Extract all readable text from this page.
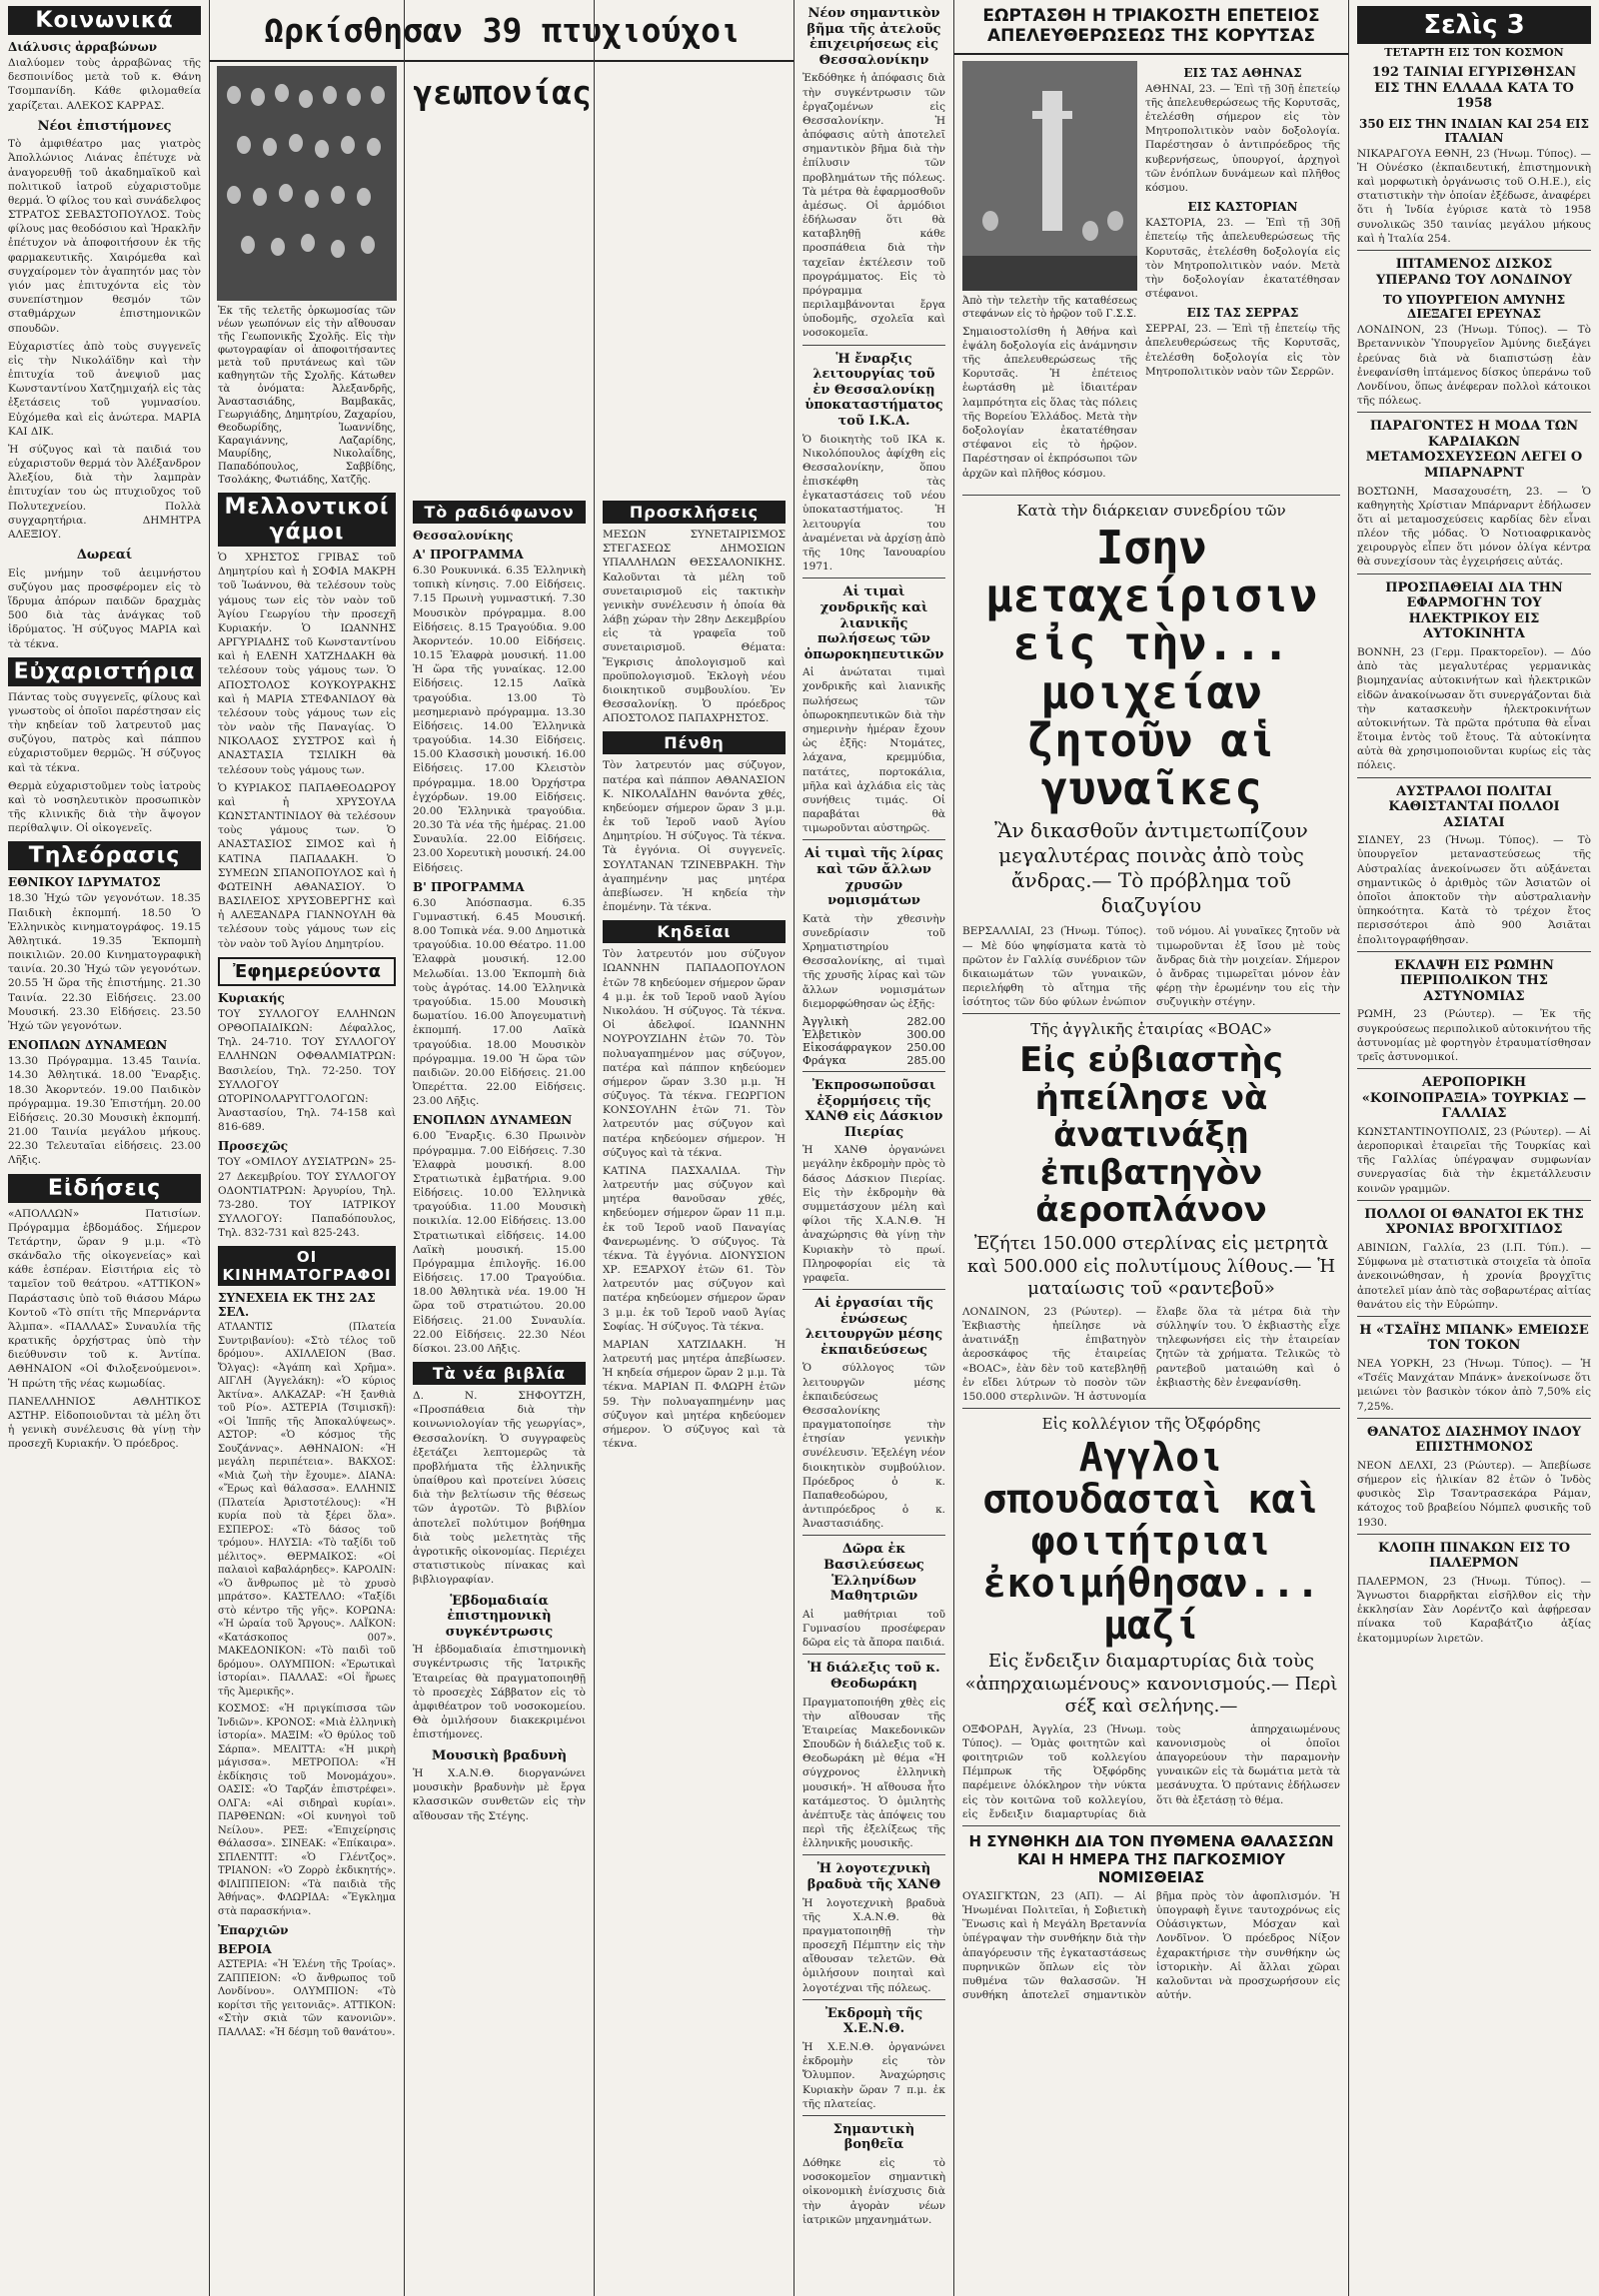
Ωρκίσθησαν 39 πτυχιούχοι γεωπονίας
Κοινωνικά
Διάλυσις ἀρραβώνων
Διαλύομεν τοὺς ἀρραβῶνας τῆς δεσποινίδος μετὰ τοῦ κ. Θάνη Τσομπανίδη. Κάθε φιλομαθεία χαρίζεται. ΑΛΕΚΟΣ ΚΑΡΡΑΣ.
Νέοι ἐπιστήμονες
Τὸ ἀμφιθέατρο μας γιατρὸς Ἀπολλώνιος Λιάνας ἐπέτυχε νὰ ἀναγορευθῇ τοῦ ἀκαδημαϊκοῦ καὶ πολιτικοῦ ἰατροῦ εὐχαριστοῦμε θερμά. Ὁ φίλος του καὶ συνάδελφος ΣΤΡΑΤΟΣ ΣΕΒΑΣΤΟΠΟΥΛΟΣ. Τοὺς φίλους μας θεοδόσιου καὶ Ἡρακλῆν ἐπέτυχον νὰ ἀποφοιτήσουν ἐκ τῆς φαρμακευτικῆς. Χαιρόμεθα καὶ συγχαίρομεν τὸν ἀγαπητόν μας τὸν γιόν μας ἐπιτυχόντα εἰς τὸν συνεπίστημον θεσμόν τῶν σταθμάρχων ἐπιστημονικῶν σπουδῶν.
Εὐχαριστίες ἀπὸ τοὺς συγγενεῖς εἰς τὴν Νικολάϊδην καὶ τὴν ἐπιτυχία τοῦ ἀνεψιοῦ μας Κωνσταντίνου Χατζημιχαήλ εἰς τὰς ἐξετάσεις τοῦ γυμνασίου. Εὐχόμεθα καὶ εἰς ἀνώτερα. ΜΑΡΙΑ ΚΑΙ ΔΙΚ.
Ἡ σύζυγος καὶ τὰ παιδιά του εὐχαριστοῦν θερμά τὸν Ἀλέξανδρον Ἀλεξίου, διὰ τὴν λαμπρὰν ἐπιτυχίαν του ὡς πτυχιοῦχος τοῦ Πολυτεχνείου. Πολλὰ συγχαρητήρια. ΔΗΜΗΤΡΑ ΑΛΕΞΙΟΥ.
Δωρεαί
Εἰς μνήμην τοῦ ἀειμνήστου συζύγου μας προσφέρομεν εἰς τὸ ἵδρυμα ἀπόρων παιδῶν δραχμὰς 500 διὰ τὰς ἀνάγκας τοῦ ἱδρύματος. Ἡ σύζυγος ΜΑΡΙΑ καὶ τὰ τέκνα.
Εὐχαριστήρια
Πάντας τοὺς συγγενεῖς, φίλους καὶ γνωστοὺς οἱ ὁποῖοι παρέστησαν εἰς τὴν κηδείαν τοῦ λατρευτοῦ μας συζύγου, πατρὸς καὶ πάππου εὐχαριστοῦμεν θερμῶς. Ἡ σύζυγος καὶ τὰ τέκνα.
Θερμὰ εὐχαριστοῦμεν τοὺς ἰατροὺς καὶ τὸ νοσηλευτικὸν προσωπικὸν τῆς κλινικῆς διὰ τὴν ἄψογον περίθαλψιν. Οἱ οἰκογενεῖς.
Τηλεόρασις
ΕΘΝΙΚΟΥ ΙΔΡΥΜΑΤΟΣ
18.30 Ἠχώ τῶν γεγονότων. 18.35 Παιδικὴ ἐκπομπή. 18.50 Ὁ Ἑλληνικὸς κινηματογράφος. 19.15 Ἀθλητικά. 19.35 Ἐκπομπὴ ποικιλιῶν. 20.00 Κινηματογραφικὴ ταινία. 20.30 Ἠχώ τῶν γεγονότων. 20.55 Ἡ ὥρα τῆς ἐπιστήμης. 21.30 Ταινία. 22.30 Εἰδήσεις. 23.00 Μουσική. 23.30 Εἰδήσεις. 23.50 Ἠχώ τῶν γεγονότων.
ΕΝΟΠΛΩΝ ΔΥΝΑΜΕΩΝ
13.30 Πρόγραμμα. 13.45 Ταινία. 14.30 Ἀθλητικά. 18.00 Ἔναρξις. 18.30 Ἀκορντεόν. 19.00 Παιδικὸν πρόγραμμα. 19.30 Ἐπιστήμη. 20.00 Εἰδήσεις. 20.30 Μουσικὴ ἐκπομπή. 21.00 Ταινία μεγάλου μήκους. 22.30 Τελευταῖαι εἰδήσεις. 23.00 Λῆξις.
Εἰδήσεις
«ΑΠΟΛΛΩΝ» Πατισίων. Πρόγραμμα ἑβδομάδος. Σήμερον Τετάρτην, ὥραν 9 μ.μ. «Τὸ σκάνδαλο τῆς οἰκογενείας» καὶ κάθε ἑσπέραν. Εἰσιτήρια εἰς τὸ ταμεῖον τοῦ θεάτρου. «ΑΤΤΙΚΟΝ» Παράστασις ὑπὸ τοῦ θιάσου Μάρω Κοντοῦ «Τὸ σπίτι τῆς Μπερνάρντα Άλμπα». «ΠΑΛΛΑΣ» Συναυλία τῆς κρατικῆς ὀρχήστρας ὑπὸ τὴν διεύθυνσιν τοῦ κ. Ἀντίπα. ΑΘΗΝΑΙΟΝ «Οἱ Φιλοξενούμενοι». Ἡ πρώτη τῆς νέας κωμωδίας.
ΠΑΝΕΛΛΗΝΙΟΣ ΑΘΛΗΤΙΚΟΣ ΑΣΤΗΡ. Εἰδοποιοῦνται τὰ μέλη ὅτι ἡ γενικὴ συνέλευσις θὰ γίνῃ τὴν προσεχῆ Κυριακήν. Ὁ πρόεδρος.
Ἐκ τῆς τελετῆς ὁρκωμοσίας τῶν νέων γεωπόνων εἰς τὴν αἴθουσαν τῆς Γεωπονικῆς Σχολῆς. Εἰς τὴν φωτογραφίαν οἱ ἀποφοιτήσαντες μετὰ τοῦ πρυτάνεως καὶ τῶν καθηγητῶν τῆς Σχολῆς. Κάτωθεν τὰ ὀνόματα: Ἀλεξανδρῆς, Ἀναστασιάδης, Βαμβακᾶς, Γεωργιάδης, Δημητρίου, Ζαχαρίου, Θεοδωρίδης, Ἰωαννίδης, Καραγιάννης, Λαζαρίδης, Μαυρίδης, Νικολαΐδης, Παπαδόπουλος, Σαββίδης, Τσολάκης, Φωτιάδης, Χατζῆς.
Μελλοντικοί γάμοι
Ὁ ΧΡΗΣΤΟΣ ΓΡΙΒΑΣ τοῦ Δημητρίου καὶ ἡ ΣΟΦΙΑ ΜΑΚΡΗ τοῦ Ἰωάννου, θὰ τελέσουν τοὺς γάμους των εἰς τὸν ναὸν τοῦ Ἁγίου Γεωργίου τὴν προσεχῆ Κυριακήν. Ὁ ΙΩΑΝΝΗΣ ΑΡΓΥΡΙΑΔΗΣ τοῦ Κωνσταντίνου καὶ ἡ ΕΛΕΝΗ ΧΑΤΖΗΔΑΚΗ θὰ τελέσουν τοὺς γάμους των. Ὁ ΑΠΟΣΤΟΛΟΣ ΚΟΥΚΟΥΡΑΚΗΣ καὶ ἡ ΜΑΡΙΑ ΣΤΕΦΑΝΙΔΟΥ θὰ τελέσουν τοὺς γάμους των εἰς τὸν ναὸν τῆς Παναγίας. Ὁ ΝΙΚΟΛΑΟΣ ΣΥΣΤΡΟΣ καὶ ἡ ΑΝΑΣΤΑΣΙΑ ΤΣΙΛΙΚΗ θὰ τελέσουν τοὺς γάμους των.
Ὁ ΚΥΡΙΑΚΟΣ ΠΑΠΑΘΕΟΔΩΡΟΥ καὶ ἡ ΧΡΥΣΟΥΛΑ ΚΩΝΣΤΑΝΤΙΝΙΔΟΥ θὰ τελέσουν τοὺς γάμους των. Ὁ ΑΝΑΣΤΑΣΙΟΣ ΣΙΜΟΣ καὶ ἡ ΚΑΤΙΝΑ ΠΑΠΑΔΑΚΗ. Ὁ ΣΥΜΕΩΝ ΣΠΑΝΟΠΟΥΛΟΣ καὶ ἡ ΦΩΤΕΙΝΗ ΑΘΑΝΑΣΙΟΥ. Ὁ ΒΑΣΙΛΕΙΟΣ ΧΡΥΣΟΒΕΡΓΗΣ καὶ ἡ ΑΛΕΞΑΝΔΡΑ ΓΙΑΝΝΟΥΛΗ θὰ τελέσουν τοὺς γάμους των εἰς τὸν ναὸν τοῦ Ἁγίου Δημητρίου.
Ἐφημερεύοντα
Κυριακής
ΤΟΥ ΣΥΛΛΟΓΟΥ ΕΛΛΗΝΩΝ ΟΡΘΟΠΑΙΔΙΚΩΝ: Δέφαλλος, Τηλ. 24-710. ΤΟΥ ΣΥΛΛΟΓΟΥ ΕΛΛΗΝΩΝ ΟΦΘΑΛΜΙΑΤΡΩΝ: Βασιλείου, Τηλ. 72-250. ΤΟΥ ΣΥΛΛΟΓΟΥ ΩΤΟΡΙΝΟΛΑΡΥΓΓΟΛΟΓΩΝ: Ἀναστασίου, Τηλ. 74-158 καὶ 816-689.
Προσεχῶς
ΤΟΥ «ΟΜΙΛΟΥ ΔΥΣΙΑΤΡΩΝ» 25-27 Δεκεμβρίου. ΤΟΥ ΣΥΛΛΟΓΟΥ ΟΔΟΝΤΙΑΤΡΩΝ: Ἀργυρίου, Τηλ. 73-280. ΤΟΥ ΙΑΤΡΙΚΟΥ ΣΥΛΛΟΓΟΥ: Παπαδόπουλος, Τηλ. 832-731 καὶ 825-243.
ΟΙ ΚΙΝΗΜΑΤΟΓΡΑΦΟΙ
ΣΥΝΕΧΕΙΑ ΕΚ ΤΗΣ 2ΑΣ ΣΕΛ.
ΑΤΛΑΝΤΙΣ (Πλατεία Συντριβανίου): «Στὸ τέλος τοῦ δρόμου». ΑΧΙΛΛΕΙΟΝ (Βασ. Ὄλγας): «Ἀγάπη καὶ Χρῆμα». ΑΙΓΛΗ (Ἀγγελάκη): «Ὁ κύριος Ἀκτίνα». ΑΛΚΑΖΑΡ: «Ἡ ξανθιὰ τοῦ Ρίο». ΑΣΤΕΡΙΑ (Τσιμισκῆ): «Οἱ Ἱππῆς τῆς Ἀποκαλύψεως». ΑΣΤΟΡ: «Ὁ κόσμος τῆς Σουζάννας». ΑΘΗΝΑΙΟΝ: «Ἡ μεγάλη περιπέτεια». ΒΑΚΧΟΣ: «Μιὰ ζωὴ τὴν ἔχουμε». ΔΙΑΝΑ: «Ἔρως καὶ θάλασσα». ΕΛΛΗΝΙΣ (Πλατεία Ἀριστοτέλους): «Ἡ κυρία ποὺ τὰ ξέρει ὅλα». ΕΣΠΕΡΟΣ: «Τὸ δάσος τοῦ τρόμου». ΗΛΥΣΙΑ: «Τὸ ταξίδι τοῦ μέλιτος». ΘΕΡΜΑΙΚΟΣ: «Οἱ παλαιοὶ καβαλάρηδες». ΚΑΡΟΛΙΝ: «Ὁ ἄνθρωπος μὲ τὸ χρυσὸ μπράτσο». ΚΑΣΤΕΛΛΟ: «Ταξίδι στὸ κέντρο τῆς γῆς». ΚΟΡΩΝΑ: «Ἡ ὡραία τοῦ Ἄργους». ΛΑΪΚΟΝ: «Κατάσκοπος 007». ΜΑΚΕΔΟΝΙΚΟΝ: «Τὸ παιδὶ τοῦ δρόμου». ΟΛΥΜΠΙΟΝ: «Ἐρωτικαὶ ἱστορίαι». ΠΑΛΛΑΣ: «Οἱ ἥρωες τῆς Ἀμερικῆς».
ΚΟΣΜΟΣ: «Ἡ πριγκίπισσα τῶν Ἰνδιῶν». ΚΡΟΝΟΣ: «Μιὰ ἑλληνικὴ ἱστορία». ΜΑΞΙΜ: «Ὁ θρύλος τοῦ Σάρπα». ΜΕΛΙΤΤΑ: «Ἡ μικρὴ μάγισσα». ΜΕΤΡΟΠΟΛ: «Ἡ ἐκδίκησις τοῦ Μονομάχου». ΟΑΣΙΣ: «Ὁ Ταρζάν ἐπιστρέφει». ΟΛΓΑ: «Αἱ σιδηραὶ κυρίαι». ΠΑΡΘΕΝΩΝ: «Οἱ κυνηγοὶ τοῦ Νείλου». ΡΕΞ: «Ἐπιχείρησις Θάλασσα». ΣΙΝΕΑΚ: «Ἐπίκαιρα». ΣΠΛΕΝΤΙΤ: «Ὁ Γλέντζος». ΤΡΙΑΝΟΝ: «Ὁ Ζορρὸ ἐκδικητής». ΦΙΛΙΠΠΕΙΟΝ: «Τὰ παιδιὰ τῆς Ἀθήνας». ΦΛΩΡΙΔΑ: «Ἔγκλημα στὰ παρασκήνια».
Ἐπαρχιῶν
ΒΕΡΟΙΑ
ΑΣΤΕΡΙΑ: «Ἡ Ἑλένη τῆς Τροίας». ΖΑΠΠΕΙΟΝ: «Ὁ ἄνθρωπος τοῦ Λονδίνου». ΟΛΥΜΠΙΟΝ: «Τὸ κορίτσι τῆς γειτονιᾶς». ΑΤΤΙΚΟΝ: «Στὴν σκιὰ τῶν κανονιῶν». ΠΑΛΛΑΣ: «Ἡ δέσμη τοῦ θανάτου».
Τὸ ραδιόφωνον
Θεσσαλονίκης
Α' ΠΡΟΓΡΑΜΜΑ
6.30 Ρουκυνικά. 6.35 Ἑλληνικὴ τοπικὴ κίνησις. 7.00 Εἰδήσεις. 7.15 Πρωινὴ γυμναστική. 7.30 Μουσικὸν πρόγραμμα. 8.00 Εἰδήσεις. 8.15 Τραγούδια. 9.00 Ἀκορντεόν. 10.00 Εἰδήσεις. 10.15 Ἐλαφρὰ μουσική. 11.00 Ἡ ὥρα τῆς γυναίκας. 12.00 Εἰδήσεις. 12.15 Λαϊκὰ τραγούδια. 13.00 Τὸ μεσημεριανὸ πρόγραμμα. 13.30 Εἰδήσεις. 14.00 Ἐλληνικὰ τραγούδια. 14.30 Εἰδήσεις. 15.00 Κλασσικὴ μουσική. 16.00 Εἰδήσεις. 17.00 Κλειστὸν πρόγραμμα. 18.00 Ὀρχήστρα ἐγχόρδων. 19.00 Εἰδήσεις. 20.00 Ἑλληνικὰ τραγούδια. 20.30 Τὰ νέα τῆς ἡμέρας. 21.00 Συναυλία. 22.00 Εἰδήσεις. 23.00 Χορευτικὴ μουσική. 24.00 Εἰδήσεις.
Β' ΠΡΟΓΡΑΜΜΑ
6.30 Ἀπόσπασμα. 6.35 Γυμναστική. 6.45 Μουσική. 8.00 Τοπικὰ νέα. 9.00 Δημοτικὰ τραγούδια. 10.00 Θέατρο. 11.00 Ἐλαφρὰ μουσική. 12.00 Μελωδίαι. 13.00 Ἐκπομπὴ διὰ τοὺς ἀγρότας. 14.00 Ἑλληνικὰ τραγούδια. 15.00 Μουσικὴ δωματίου. 16.00 Ἀπογευματινὴ ἐκπομπή. 17.00 Λαϊκὰ τραγούδια. 18.00 Μουσικὸν πρόγραμμα. 19.00 Ἡ ὥρα τῶν παιδιῶν. 20.00 Εἰδήσεις. 21.00 Ὀπερέττα. 22.00 Εἰδήσεις. 23.00 Λῆξις.
ΕΝΟΠΛΩΝ ΔΥΝΑΜΕΩΝ
6.00 Ἔναρξις. 6.30 Πρωινὸν πρόγραμμα. 7.00 Εἰδήσεις. 7.30 Ἐλαφρὰ μουσική. 8.00 Στρατιωτικὰ ἐμβατήρια. 9.00 Εἰδήσεις. 10.00 Ἑλληνικὰ τραγούδια. 11.00 Μουσικὴ ποικιλία. 12.00 Εἰδήσεις. 13.00 Στρατιωτικαὶ εἰδήσεις. 14.00 Λαϊκὴ μουσική. 15.00 Πρόγραμμα ἐπιλογῆς. 16.00 Εἰδήσεις. 17.00 Τραγούδια. 18.00 Ἀθλητικὰ νέα. 19.00 Ἡ ὥρα τοῦ στρατιώτου. 20.00 Εἰδήσεις. 21.00 Συναυλία. 22.00 Εἰδήσεις. 22.30 Νέοι δίσκοι. 23.00 Λῆξις.
Τὰ νέα βιβλία
Δ. Ν. ΣΗΦΟΥΤΖΗ, «Προσπάθεια διὰ τὴν κοινωνιολογίαν τῆς γεωργίας», Θεσσαλονίκη. Ὁ συγγραφεὺς ἐξετάζει λεπτομερῶς τὰ προβλήματα τῆς ἑλληνικῆς ὑπαίθρου καὶ προτείνει λύσεις διὰ τὴν βελτίωσιν τῆς θέσεως τῶν ἀγροτῶν. Τὸ βιβλίον ἀποτελεῖ πολύτιμον βοήθημα διὰ τοὺς μελετητὰς τῆς ἀγροτικῆς οἰκονομίας. Περιέχει στατιστικοὺς πίνακας καὶ βιβλιογραφίαν.
Ἑβδομαδιαία ἐπιστημονικὴ συγκέντρωσις
Ἡ ἑβδομαδιαία ἐπιστημονικὴ συγκέντρωσις τῆς Ἰατρικῆς Ἑταιρείας θὰ πραγματοποιηθῇ τὸ προσεχὲς Σάββατον εἰς τὸ ἀμφιθέατρον τοῦ νοσοκομείου. Θὰ ὁμιλήσουν διακεκριμένοι ἐπιστήμονες.
Μουσικὴ βραδυνὴ
Ἡ Χ.Α.Ν.Θ. διοργανώνει μουσικὴν βραδυνὴν μὲ ἔργα κλασσικῶν συνθετῶν εἰς τὴν αἴθουσαν τῆς Στέγης.
Προσκλήσεις
ΜΕΣΩΝ ΣΥΝΕΤΑΙΡΙΣΜΟΣ ΣΤΕΓΑΣΕΩΣ ΔΗΜΟΣΙΩΝ ΥΠΑΛΛΗΛΩΝ ΘΕΣΣΑΛΟΝΙΚΗΣ. Καλοῦνται τὰ μέλη τοῦ συνεταιρισμοῦ εἰς τακτικὴν γενικὴν συνέλευσιν ἡ ὁποία θὰ λάβῃ χώραν τὴν 28ην Δεκεμβρίου εἰς τὰ γραφεῖα τοῦ συνεταιρισμοῦ. Θέματα: Ἔγκρισις ἀπολογισμοῦ καὶ προϋπολογισμοῦ. Ἐκλογὴ νέου διοικητικοῦ συμβουλίου. Ἐν Θεσσαλονίκῃ. Ὁ πρόεδρος ΑΠΟΣΤΟΛΟΣ ΠΑΠΑΧΡΗΣΤΟΣ.
Πένθη
Τὸν λατρευτόν μας σύζυγον, πατέρα καὶ πάππον ΑΘΑΝΑΣΙΟΝ Κ. ΝΙΚΟΛΑΪΔΗΝ θανόντα χθές, κηδεύομεν σήμερον ὥραν 3 μ.μ. ἐκ τοῦ Ἱεροῦ ναοῦ Ἁγίου Δημητρίου. Ἡ σύζυγος. Τὰ τέκνα. Τὰ ἐγγόνια. Οἱ συγγενεῖς. ΣΟΥΛΤΑΝΑΝ ΤΖΙΝΕΒΡΑΚΗ. Τὴν ἀγαπημένην μας μητέρα ἀπεβίωσεν. Ἡ κηδεία τὴν ἐπομένην. Τὰ τέκνα.
Κηδεῖαι
Τὸν λατρευτόν μου σύζυγον ΙΩΑΝΝΗΝ ΠΑΠΑΔΟΠΟΥΛΟΝ ἐτῶν 78 κηδεύομεν σήμερον ὥραν 4 μ.μ. ἐκ τοῦ Ἱεροῦ ναοῦ Ἁγίου Νικολάου. Ἡ σύζυγος. Τὰ τέκνα. Οἱ ἀδελφοί. ΙΩΑΝΝΗΝ ΝΟΥΡΟΥΖΙΔΗΝ ἐτῶν 70. Τὸν πολυαγαπημένον μας σύζυγον, πατέρα καὶ πάππον κηδεύομεν σήμερον ὥραν 3.30 μ.μ. Ἡ σύζυγος. Τὰ τέκνα. ΓΕΩΡΓΙΟΝ ΚΟΝΣΟΥΛΗΝ ἐτῶν 71. Τὸν λατρευτόν μας σύζυγον καὶ πατέρα κηδεύομεν σήμερον. Ἡ σύζυγος καὶ τὰ τέκνα.
ΚΑΤΙΝΑ ΠΑΣΧΑΛΙΔΑ. Τὴν λατρευτήν μας σύζυγον καὶ μητέρα θανοῦσαν χθές, κηδεύομεν σήμερον ὥραν 11 π.μ. ἐκ τοῦ Ἱεροῦ ναοῦ Παναγίας Φανερωμένης. Ὁ σύζυγος. Τὰ τέκνα. Τὰ ἐγγόνια. ΔΙΟΝΥΣΙΟΝ ΧΡ. ΕΞΑΡΧΟΥ ἐτῶν 61. Τὸν λατρευτόν μας σύζυγον καὶ πατέρα κηδεύομεν σήμερον ὥραν 3 μ.μ. ἐκ τοῦ Ἱεροῦ ναοῦ Ἁγίας Σοφίας. Ἡ σύζυγος. Τὰ τέκνα.
ΜΑΡΙΑΝ ΧΑΤΖΙΔΑΚΗ. Ἡ λατρευτή μας μητέρα ἀπεβίωσεν. Ἡ κηδεία σήμερον ὥραν 2 μ.μ. Τὰ τέκνα. ΜΑΡΙΑΝ Π. ΦΛΩΡΗ ἐτῶν 59. Τὴν πολυαγαπημένην μας σύζυγον καὶ μητέρα κηδεύομεν σήμερον. Ὁ σύζυγος καὶ τὰ τέκνα.
Νέον σημαντικὸν βῆμα τῆς ἀτελοῦς ἐπιχειρήσεως εἰς Θεσσαλονίκην
Ἐκδόθηκε ἡ ἀπόφασις διὰ τὴν συγκέντρωσιν τῶν ἐργαζομένων εἰς Θεσσαλονίκην. Ἡ ἀπόφασις αὐτὴ ἀποτελεῖ σημαντικὸν βῆμα διὰ τὴν ἐπίλυσιν τῶν προβλημάτων τῆς πόλεως. Τὰ μέτρα θὰ ἐφαρμοσθοῦν ἀμέσως. Οἱ ἁρμόδιοι ἐδήλωσαν ὅτι θὰ καταβληθῇ κάθε προσπάθεια διὰ τὴν ταχεῖαν ἐκτέλεσιν τοῦ προγράμματος. Εἰς τὸ πρόγραμμα περιλαμβάνονται ἔργα ὑποδομῆς, σχολεῖα καὶ νοσοκομεῖα.
Ἡ ἔναρξις λειτουργίας τοῦ ἐν Θεσσαλονίκῃ ὑποκαταστήματος τοῦ Ι.Κ.Α.
Ὁ διοικητὴς τοῦ ΙΚΑ κ. Νικολόπουλος ἀφίχθη εἰς Θεσσαλονίκην, ὅπου ἐπισκέφθη τὰς ἐγκαταστάσεις τοῦ νέου ὑποκαταστήματος. Ἡ λειτουργία του ἀναμένεται νὰ ἀρχίσῃ ἀπὸ τῆς 10ης Ἰανουαρίου 1971.
Αἱ τιμαὶ χονδρικῆς καὶ λιανικῆς πωλήσεως τῶν ὀπωροκηπευτικῶν
Αἱ ἀνώταται τιμαὶ χονδρικῆς καὶ λιανικῆς πωλήσεως τῶν ὀπωροκηπευτικῶν διὰ τὴν σημερινὴν ἡμέραν ἔχουν ὡς ἑξῆς: Ντομάτες, λάχανα, κρεμμύδια, πατάτες, πορτοκάλια, μῆλα καὶ ἀχλάδια εἰς τὰς συνήθεις τιμάς. Οἱ παραβάται θὰ τιμωροῦνται αὐστηρῶς.
Αἱ τιμαὶ τῆς λίρας καὶ τῶν ἄλλων χρυσῶν νομισμάτων
Κατὰ τὴν χθεσινὴν συνεδρίασιν τοῦ Χρηματιστηρίου Θεσσαλονίκης, αἱ τιμαὶ τῆς χρυσῆς λίρας καὶ τῶν ἄλλων νομισμάτων διεμορφώθησαν ὡς ἑξῆς:
Ἀγγλικὴ	282.00
Ἑλβετικὸν	300.00
Εἰκοσάφραγκον 250.00
Φράγκα	285.00
Ἐκπροσωποῦσαι ἐξορμήσεις τῆς ΧΑΝΘ εἰς Δάσκιον Πιερίας
Ἡ ΧΑΝΘ ὀργανώνει μεγάλην ἐκδρομὴν πρὸς τὸ δάσος Δάσκιον Πιερίας. Εἰς τὴν ἐκδρομὴν θὰ συμμετάσχουν μέλη καὶ φίλοι τῆς Χ.Α.Ν.Θ. Ἡ ἀναχώρησις θὰ γίνῃ τὴν Κυριακὴν τὸ πρωί. Πληροφορίαι εἰς τὰ γραφεῖα.
Αἱ ἐργασίαι τῆς ἑνώσεως λειτουργῶν μέσης ἐκπαιδεύσεως
Ὁ σύλλογος τῶν λειτουργῶν μέσης ἐκπαιδεύσεως Θεσσαλονίκης πραγματοποίησε τὴν ἐτησίαν γενικὴν συνέλευσιν. Ἐξελέγη νέον διοικητικὸν συμβούλιον. Πρόεδρος ὁ κ. Παπαθεοδώρου, ἀντιπρόεδρος ὁ κ. Ἀναστασιάδης.
Δῶρα ἐκ Βασιλεύσεως Ἑλληνίδων Μαθητριῶν
Αἱ μαθήτριαι τοῦ Γυμνασίου προσέφεραν δῶρα εἰς τὰ ἄπορα παιδιά.
Ἡ διάλεξις τοῦ κ. Θεοδωράκη
Πραγματοποιήθη χθὲς εἰς τὴν αἴθουσαν τῆς Ἑταιρείας Μακεδονικῶν Σπουδῶν ἡ διάλεξις τοῦ κ. Θεοδωράκη μὲ θέμα «Ἡ σύγχρονος ἑλληνικὴ μουσική». Ἡ αἴθουσα ἦτο κατάμεστος. Ὁ ὁμιλητὴς ἀνέπτυξε τὰς ἀπόψεις του περὶ τῆς ἐξελίξεως τῆς ἑλληνικῆς μουσικῆς.
Ἡ λογοτεχνικὴ βραδυὰ τῆς ΧΑΝΘ
Ἡ λογοτεχνικὴ βραδυὰ τῆς Χ.Α.Ν.Θ. θὰ πραγματοποιηθῇ τὴν προσεχῆ Πέμπτην εἰς τὴν αἴθουσαν τελετῶν. Θὰ ὁμιλήσουν ποιηταὶ καὶ λογοτέχναι τῆς πόλεως.
Ἐκδρομὴ τῆς Χ.Ε.Ν.Θ.
Ἡ Χ.Ε.Ν.Θ. ὀργανώνει ἐκδρομὴν εἰς τὸν Ὄλυμπον. Ἀναχώρησις Κυριακὴν ὥραν 7 π.μ. ἐκ τῆς πλατείας.
Σημαντικὴ βοηθεῖα
Δόθηκε εἰς τὸ νοσοκομεῖον σημαντικὴ οἰκονομικὴ ἐνίσχυσις διὰ τὴν ἀγορὰν νέων ἰατρικῶν μηχανημάτων.
ΕΩΡΤΑΣΘΗ Η ΤΡΙΑΚΟΣΤΗ ΕΠΕΤΕΙΟΣ ΑΠΕΛΕΥΘΕΡΩΣΕΩΣ ΤΗΣ ΚΟΡΥΤΣΑΣ
Ἀπὸ τὴν τελετὴν τῆς καταθέσεως στεφάνων εἰς τὸ ἡρῷον τοῦ Γ.Σ.Σ.
Σημαιοστολίσθη ἡ Ἀθήνα καὶ ἐψάλη δοξολογία εἰς ἀνάμνησιν τῆς ἀπελευθερώσεως τῆς Κορυτσᾶς. Ἡ ἐπέτειος ἑωρτάσθη μὲ ἰδιαιτέραν λαμπρότητα εἰς ὅλας τὰς πόλεις τῆς Βορείου Ἑλλάδος. Μετὰ τὴν δοξολογίαν ἐκατατέθησαν στέφανοι εἰς τὸ ἡρῷον. Παρέστησαν οἱ ἐκπρόσωποι τῶν ἀρχῶν καὶ πλῆθος κόσμου.
ΕΙΣ ΤΑΣ ΑΘΗΝΑΣ
ΑΘΗΝΑΙ, 23. — Ἐπὶ τῇ 30ῇ ἐπετείῳ τῆς ἀπελευθερώσεως τῆς Κορυτσᾶς, ἐτελέσθη σήμερον εἰς τὸν Μητροπολιτικὸν ναὸν δοξολογία. Παρέστησαν ὁ ἀντιπρόεδρος τῆς κυβερνήσεως, ὑπουργοί, ἀρχηγοὶ τῶν ἐνόπλων δυνάμεων καὶ πλῆθος κόσμου.
ΕΙΣ ΚΑΣΤΟΡΙΑΝ
ΚΑΣΤΟΡΙΑ, 23. — Ἐπὶ τῇ 30ῇ ἐπετείῳ τῆς ἀπελευθερώσεως τῆς Κορυτσᾶς, ἐτελέσθη δοξολογία εἰς τὸν Μητροπολιτικὸν ναόν. Μετὰ τὴν δοξολογίαν ἐκατατέθησαν στέφανοι.
ΕΙΣ ΤΑΣ ΣΕΡΡΑΣ
ΣΕΡΡΑΙ, 23. — Ἐπὶ τῇ ἐπετείῳ τῆς ἀπελευθερώσεως τῆς Κορυτσᾶς, ἐτελέσθη δοξολογία εἰς τὸν Μητροπολιτικὸν ναὸν τῶν Σερρῶν.
Κατὰ τὴν διάρκειαν συνεδρίου τῶν
Ισην μεταχείρισιν εἰς τὴν... μοιχείαν ζητοῦν αἱ γυναῖκες
Ἂν δικασθοῦν ἀντιμετωπίζουν μεγαλυτέρας ποινὰς ἀπὸ τοὺς ἄνδρας.— Τὸ πρόβλημα τοῦ διαζυγίου
ΒΕΡΣΑΛΛΙΑΙ, 23 (Ἠνωμ. Τύπος). — Μὲ δύο ψηφίσματα κατὰ τὸ πρῶτον ἐν Γαλλίᾳ συνέδριον τῶν δικαιωμάτων τῶν γυναικῶν, περιελήφθη τὸ αἴτημα τῆς ἰσότητος τῶν δύο φύλων ἐνώπιον τοῦ νόμου. Αἱ γυναῖκες ζητοῦν νὰ τιμωροῦνται ἐξ ἴσου μὲ τοὺς ἄνδρας διὰ τὴν μοιχείαν. Σήμερον ὁ ἄνδρας τιμωρεῖται μόνον ἐὰν φέρῃ τὴν ἐρωμένην του εἰς τὴν συζυγικὴν στέγην.
Τῆς ἀγγλικῆς ἑταιρίας «ΒΟΑC»
Εἰς εὐβιαστὴς ἠπείλησε νὰ ἀνατινάξῃ ἐπιβατηγὸν ἀεροπλάνον
Ἐζήτει 150.000 στερλίνας εἰς μετρητὰ καὶ 500.000 εἰς πολυτίμους λίθους.— Ἡ ματαίωσις τοῦ «ραντεβοῦ»
ΛΟΝΔΙΝΟΝ, 23 (Ρώυτερ). — Ἐκβιαστὴς ἠπείλησε νὰ ἀνατινάξῃ ἐπιβατηγὸν ἀεροσκάφος τῆς ἑταιρείας «ΒΟΑC», ἐὰν δὲν τοῦ κατεβληθῇ ἐν εἴδει λύτρων τὸ ποσὸν τῶν 150.000 στερλινῶν. Ἡ ἀστυνομία ἔλαβε ὅλα τὰ μέτρα διὰ τὴν σύλληψίν του. Ὁ ἐκβιαστὴς εἶχε τηλεφωνήσει εἰς τὴν ἑταιρείαν ζητῶν τὰ χρήματα. Τελικῶς τὸ ραντεβοῦ ματαιώθη καὶ ὁ ἐκβιαστὴς δὲν ἐνεφανίσθη.
Εἰς κολλέγιον τῆς Ὀξφόρδης
Αγγλοι σπουδασταὶ καὶ φοιτήτριαι ἐκοιμήθησαν... μαζί
Εἰς ἔνδειξιν διαμαρτυρίας διὰ τοὺς «ἀπηρχαιωμένους» κανονισμούς.— Περὶ σέξ καὶ σελήνης.—
ΟΞΦΟΡΔΗ, Ἀγγλία, 23 (Ἠνωμ. Τύπος). — Ὁμὰς φοιτητῶν καὶ φοιτητριῶν τοῦ κολλεγίου Πέμπρωκ τῆς Ὀξφόρδης παρέμεινε ὁλόκληρον τὴν νύκτα εἰς τὸν κοιτῶνα τοῦ κολλεγίου, εἰς ἔνδειξιν διαμαρτυρίας διὰ τοὺς ἀπηρχαιωμένους κανονισμοὺς οἱ ὁποῖοι ἀπαγορεύουν τὴν παραμονὴν γυναικῶν εἰς τὰ δωμάτια μετὰ τὰ μεσάνυχτα. Ὁ πρύτανις ἐδήλωσεν ὅτι θὰ ἐξετάσῃ τὸ θέμα.
Η ΣΥΝΘΗΚΗ ΔΙΑ ΤΟΝ ΠΥΘΜΕΝΑ ΘΑΛΑΣΣΩΝ ΚΑΙ Η ΗΜΕΡΑ ΤΗΣ ΠΑΓΚΟΣΜΙΟΥ ΝΟΜΙΣΘΕΙΑΣ
ΟΥΑΣΙΓΚΤΩΝ, 23 (ΑΠ). — Αἱ Ἡνωμέναι Πολιτεῖαι, ἡ Σοβιετικὴ Ἕνωσις καὶ ἡ Μεγάλη Βρεταννία ὑπέγραψαν τὴν συνθήκην διὰ τὴν ἀπαγόρευσιν τῆς ἐγκαταστάσεως πυρηνικῶν ὅπλων εἰς τὸν πυθμένα τῶν θαλασσῶν. Ἡ συνθήκη ἀποτελεῖ σημαντικὸν βῆμα πρὸς τὸν ἀφοπλισμόν. Ἡ ὑπογραφὴ ἔγινε ταυτοχρόνως εἰς Οὐάσιγκτων, Μόσχαν καὶ Λονδῖνον. Ὁ πρόεδρος Νίξον ἐχαρακτήρισε τὴν συνθήκην ὡς ἱστορικὴν. Αἱ ἄλλαι χῶραι καλοῦνται νὰ προσχωρήσουν εἰς αὐτήν.
Σελὶς 3
ΤΕΤΑΡΤΗ ΕΙΣ ΤΟΝ ΚΟΣΜΟΝ
192 ΤΑΙΝΙΑΙ ΕΓΥΡΙΣΘΗΣΑΝ ΕΙΣ ΤΗΝ ΕΛΛΑΔΑ ΚΑΤΑ ΤΟ 1958
350 ΕΙΣ ΤΗΝ ΙΝΔΙΑΝ ΚΑΙ 254 ΕΙΣ ΙΤΑΛΙΑΝ
ΝΙΚΑΡΑΓΟΥΑ ΕΘΝΗ, 23 (Ἠνωμ. Τύπος). — Ἡ Οὐνέσκο (ἐκπαιδευτική, ἐπιστημονικὴ καὶ μορφωτικὴ ὀργάνωσις τοῦ Ο.Η.Ε.), εἰς στατιστικὴν τὴν ὁποίαν ἐξέδωσε, ἀναφέρει ὅτι ἡ Ἰνδία ἐγύρισε κατὰ τὸ 1958 συνολικῶς 350 ταινίας μεγάλου μήκους καὶ ἡ Ἰταλία 254.
ΙΠΤΑΜΕΝΟΣ ΔΙΣΚΟΣ ΥΠΕΡΑΝΩ ΤΟΥ ΛΟΝΔΙΝΟΥ
ΤΟ ΥΠΟΥΡΓΕΙΟΝ ΑΜΥΝΗΣ ΔΙΕΞΑΓΕΙ ΕΡΕΥΝΑΣ
ΛΟΝΔΙΝΟΝ, 23 (Ἠνωμ. Τύπος). — Τὸ Βρεταννικὸν Ὑπουργεῖον Ἀμύνης διεξάγει ἐρεύνας διὰ νὰ διαπιστώσῃ ἐὰν ἐνεφανίσθη ἰπτάμενος δίσκος ὑπεράνω τοῦ Λονδίνου, ὅπως ἀνέφεραν πολλοὶ κάτοικοι τῆς πόλεως.
ΠΑΡΑΓΟΝΤΕΣ Η ΜΟΔΑ ΤΩΝ ΚΑΡΔΙΑΚΩΝ ΜΕΤΑΜΟΣΧΕΥΣΕΩΝ ΛΕΓΕΙ Ο ΜΠΑΡΝΑΡΝΤ
ΒΟΣΤΩΝΗ, Μασαχουσέτη, 23. — Ὁ καθηγητὴς Χρίστιαν Μπάρναρντ ἐδήλωσεν ὅτι αἱ μεταμοσχεύσεις καρδίας δὲν εἶναι πλέον τῆς μόδας. Ὁ Νοτιοαφρικανὸς χειρουργὸς εἶπεν ὅτι μόνον ὀλίγα κέντρα θὰ συνεχίσουν τὰς ἐγχειρήσεις αὐτάς.
ΠΡΟΣΠΑΘΕΙΑΙ ΔΙΑ ΤΗΝ ΕΦΑΡΜΟΓΗΝ ΤΟΥ ΗΛΕΚΤΡΙΚΟΥ ΕΙΣ ΑΥΤΟΚΙΝΗΤΑ
ΒΟΝΝΗ, 23 (Γερμ. Πρακτορεῖον). — Δύο ἀπὸ τὰς μεγαλυτέρας γερμανικὰς βιομηχανίας αὐτοκινήτων καὶ ἡλεκτρικῶν εἰδῶν ἀνακοίνωσαν ὅτι συνεργάζονται διὰ τὴν κατασκευὴν ἠλεκτροκινήτων αὐτοκινήτων. Τὰ πρῶτα πρότυπα θὰ εἶναι ἕτοιμα ἐντὸς τοῦ ἔτους. Τὰ αὐτοκίνητα αὐτὰ θὰ χρησιμοποιοῦνται κυρίως εἰς τὰς πόλεις.
ΑΥΣΤΡΑΛΟΙ ΠΟΛΙΤΑΙ ΚΑΘΙΣΤΑΝΤΑΙ ΠΟΛΛΟΙ ΑΣΙΑΤΑΙ
ΣΙΔΝΕΥ, 23 (Ἠνωμ. Τύπος). — Τὸ ὑπουργεῖον μεταναστεύσεως τῆς Αὐστραλίας ἀνεκοίνωσεν ὅτι αὐξάνεται σημαντικῶς ὁ ἀριθμὸς τῶν Ἀσιατῶν οἱ ὁποῖοι ἀποκτοῦν τὴν αὐστραλιανὴν ὑπηκοότητα. Κατὰ τὸ τρέχον ἔτος περισσότεροι ἀπὸ 900 Ἀσιᾶται ἐπολιτογραφήθησαν.
ΕΚΛΑΨΗ ΕΙΣ ΡΩΜΗΝ ΠΕΡΙΠΟΛΙΚΟΝ ΤΗΣ ΑΣΤΥΝΟΜΙΑΣ
ΡΩΜΗ, 23 (Ρώυτερ). — Ἐκ τῆς συγκρούσεως περιπολικοῦ αὐτοκινήτου τῆς ἀστυνομίας μὲ φορτηγὸν ἐτραυματίσθησαν τρεῖς ἀστυνομικοί.
ΑΕΡΟΠΟΡΙΚΗ «ΚΟΙΝΟΠΡΑΞΙΑ» ΤΟΥΡΚΙΑΣ — ΓΑΛΛΙΑΣ
ΚΩΝΣΤΑΝΤΙΝΟΥΠΟΛΙΣ, 23 (Ρώυτερ). — Αἱ ἀεροπορικαὶ ἑταιρεῖαι τῆς Τουρκίας καὶ τῆς Γαλλίας ὑπέγραψαν συμφωνίαν συνεργασίας διὰ τὴν ἐκμετάλλευσιν κοινῶν γραμμῶν.
ΠΟΛΛΟΙ ΟΙ ΘΑΝΑΤΟΙ ΕΚ ΤΗΣ ΧΡΟΝΙΑΣ ΒΡΟΓΧΙΤΙΔΟΣ
ΑΒΙΝΙΩΝ, Γαλλία, 23 (Ι.Π. Τύπ.). — Σύμφωνα μὲ στατιστικὰ στοιχεῖα τὰ ὁποῖα ἀνεκοινώθησαν, ἡ χρονία βρογχῖτις ἀποτελεῖ μίαν ἀπὸ τὰς σοβαρωτέρας αἰτίας θανάτου εἰς τὴν Εὐρώπην.
Η «ΤΣΑΪΗΣ ΜΠΑΝΚ» ΕΜΕΙΩΣΕ ΤΟΝ ΤΟΚΟΝ
ΝΕΑ ΥΟΡΚΗ, 23 (Ἠνωμ. Τύπος). — Ἡ «Τσέϊς Μανχάταν Μπάνκ» ἀνεκοίνωσε ὅτι μειώνει τὸν βασικὸν τόκον ἀπὸ 7,50% εἰς 7,25%.
ΘΑΝΑΤΟΣ ΔΙΑΣΗΜΟΥ ΙΝΔΟΥ ΕΠΙΣΤΗΜΟΝΟΣ
ΝΕΟΝ ΔΕΛΧΙ, 23 (Ρώυτερ). — Ἀπεβίωσε σήμερον εἰς ἡλικίαν 82 ἐτῶν ὁ Ἰνδὸς φυσικὸς Σὶρ Τσαντρασεκάρα Ράμαν, κάτοχος τοῦ βραβείου Νόμπελ φυσικῆς τοῦ 1930.
ΚΛΟΠΗ ΠΙΝΑΚΩΝ ΕΙΣ ΤΟ ΠΑΛΕΡΜΟΝ
ΠΑΛΕΡΜΟΝ, 23 (Ἠνωμ. Τύπος). — Ἄγνωστοι διαρρῆκται εἰσῆλθον εἰς τὴν ἐκκλησίαν Σὰν Λορέντζο καὶ ἀφῄρεσαν πίνακα τοῦ Καραβάτζιο ἀξίας ἑκατομμυρίων λιρετῶν.
